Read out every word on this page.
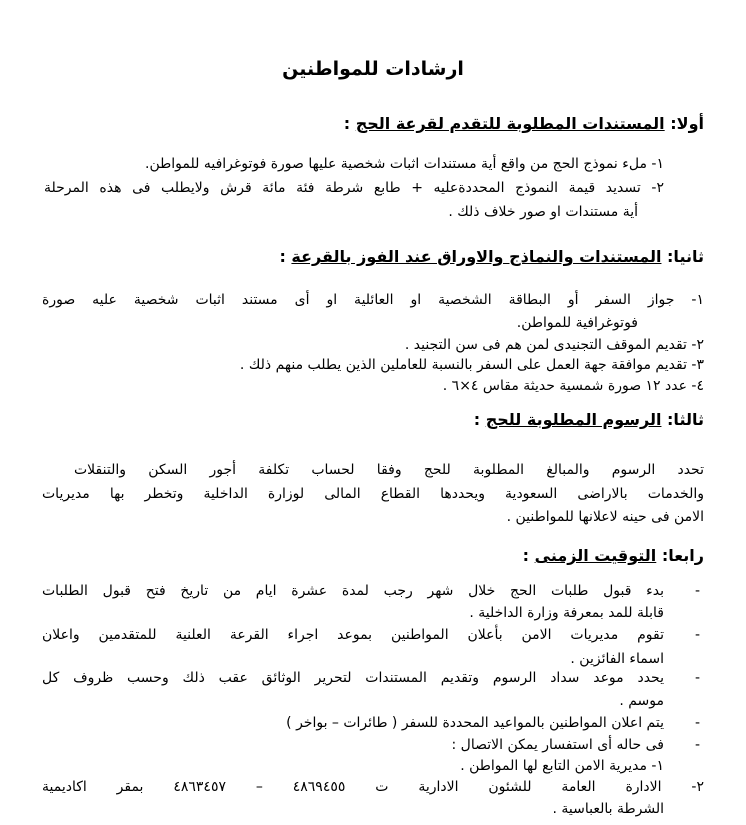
ارشادات للمواطنين
أولا: المستندات المطلوبة للتقدم لقرعة الحج :
١- ملء نموذج الحج من واقع أية مستندات اثبات شخصية عليها صورة فوتوغرافيه للمواطن.
٢- تسديد قيمة النموذج المحددةعليه + طابع شرطة فئة مائة قرش ولايطلب فى هذه المرحلة
أية مستندات او صور خلاف ذلك .
ثانيا: المستندات والنماذج والاوراق عند الفوز بالقرعة :
١- جواز السفر أو البطاقة الشخصية او العائلية او أى مستند اثبات شخصية عليه صورة
فوتوغرافية للمواطن.
٢- تقديم الموقف التجنيدى لمن هم فى سن التجنيد .
٣- تقديم موافقة جهة العمل على السفر بالنسبة للعاملين الذين يطلب منهم ذلك .
٤- عدد ١٢ صورة شمسية حديثة مقاس ٤×٦ .
ثالثا: الرسوم المطلوبة للحج :
تحدد الرسوم والمبالغ المطلوبة للحج وفقا لحساب تكلفة أجور السكن والتنقلات
والخدمات بالاراضى السعودية ويحددها القطاع المالى لوزارة الداخلية وتخطر بها مديريات
الامن فى حينه لاعلانها للمواطنين .
رابعا: التوقيت الزمنى :
-
بدء قبول طلبات الحج خلال شهر رجب لمدة عشرة ايام من تاريخ فتح قبول الطلبات
قابلة للمد بمعرفة وزارة الداخلية .
-
تقوم مديريات الامن بأعلان المواطنين بموعد اجراء القرعة العلنية للمتقدمين واعلان
اسماء الفائزين .
-
يحدد موعد سداد الرسوم وتقديم المستندات لتحرير الوثائق عقب ذلك وحسب ظروف كل
موسم .
-
يتم اعلان المواطنين بالمواعيد المحددة للسفر ( طائرات – بواخر )
-
فى حاله أى استفسار يمكن الاتصال :
١- مديرية الامن التابع لها المواطن .
٢- الادارة العامة للشئون الادارية ت ٤٨٦٩٤٥٥ – ٤٨٦٣٤٥٧ بمقر اكاديمية
الشرطة بالعباسية .
